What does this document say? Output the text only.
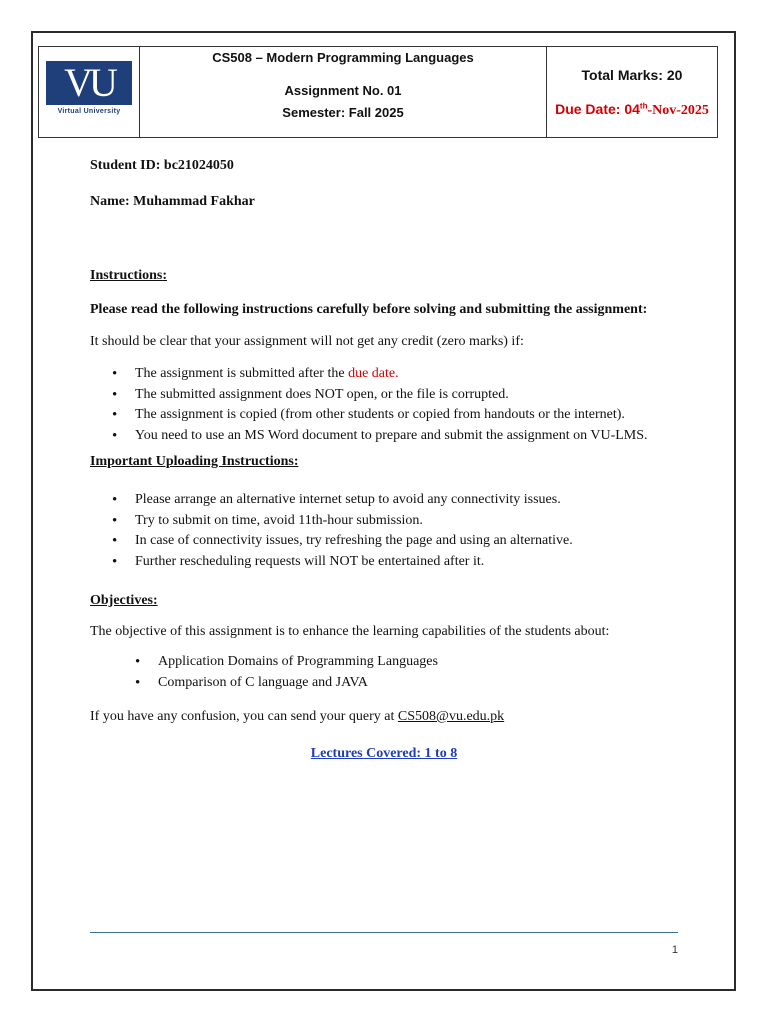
VU
Virtual University
CS508 – Modern Programming Languages
Assignment No. 01
Semester: Fall 2025
Total Marks: 20
Due Date: 04th-Nov-2025

Student ID: bc21024050

Name: Muhammad Fakhar

Instructions:

Please read the following instructions carefully before solving and submitting the assignment:

It should be clear that your assignment will not get any credit (zero marks) if:

• The assignment is submitted after the due date.
• The submitted assignment does NOT open, or the file is corrupted.
• The assignment is copied (from other students or copied from handouts or the internet).
• You need to use an MS Word document to prepare and submit the assignment on VU-LMS.

Important Uploading Instructions:

• Please arrange an alternative internet setup to avoid any connectivity issues.
• Try to submit on time, avoid 11th-hour submission.
• In case of connectivity issues, try refreshing the page and using an alternative.
• Further rescheduling requests will NOT be entertained after it.

Objectives:

The objective of this assignment is to enhance the learning capabilities of the students about:

• Application Domains of Programming Languages
• Comparison of C language and JAVA

If you have any confusion, you can send your query at CS508@vu.edu.pk

Lectures Covered: 1 to 8

1
